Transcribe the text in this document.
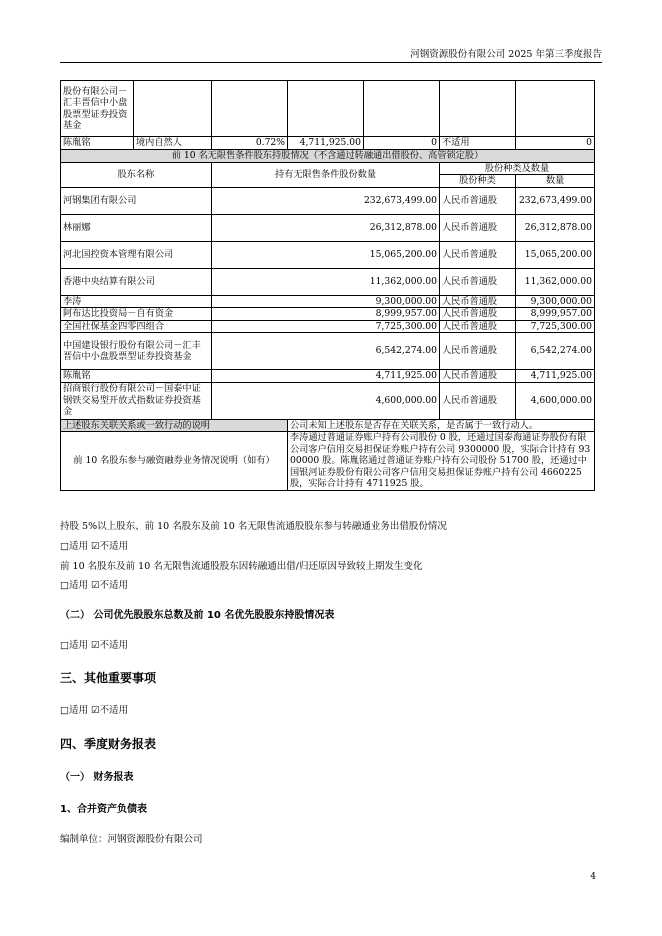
河钢资源股份有限公司 2025 年第三季度报告
股份有限公司－汇丰晋信中小盘股票型证券投资基金						
陈胤铭	境内自然人	0.72%	4,711,925.00	0	不适用	0
前 10 名无限售条件股东持股情况（不含通过转融通出借股份、高管锁定股）						
股东名称		持有无限售条件股份数量			股份种类及数量	
					股份种类	数量
河钢集团有限公司		232,673,499.00			人民币普通股	232,673,499.00
林丽娜		26,312,878.00			人民币普通股	26,312,878.00
河北国控资本管理有限公司		15,065,200.00			人民币普通股	15,065,200.00
香港中央结算有限公司		11,362,000.00			人民币普通股	11,362,000.00
李涛		9,300,000.00			人民币普通股	9,300,000.00
阿布达比投资局－自有资金		8,999,957.00			人民币普通股	8,999,957.00
全国社保基金四零四组合		7,725,300.00			人民币普通股	7,725,300.00
中国建设银行股份有限公司－汇丰晋信中小盘股票型证券投资基金		6,542,274.00			人民币普通股	6,542,274.00
陈胤铭		4,711,925.00			人民币普通股	4,711,925.00
招商银行股份有限公司－国泰中证钢铁交易型开放式指数证券投资基金		4,600,000.00			人民币普通股	4,600,000.00
上述股东关联关系或一致行动的说明			公司未知上述股东是否存在关联关系，是否属于一致行动人。			
前 10 名股东参与融资融券业务情况说明（如有）			李涛通过普通证券账户持有公司股份 0 股，还通过国泰海通证券股份有限公司客户信用交易担保证券账户持有公司 9300000 股，实际合计持有 9300000 股。陈胤铭通过普通证券账户持有公司股份 51700 股，还通过中国银河证券股份有限公司客户信用交易担保证券账户持有公司 4660225 股，实际合计持有 4711925 股。			
持股 5%以上股东、前 10 名股东及前 10 名无限售流通股股东参与转融通业务出借股份情况
□适用 ☑不适用
前 10 名股东及前 10 名无限售流通股股东因转融通出借/归还原因导致较上期发生变化
□适用 ☑不适用
（二） 公司优先股股东总数及前 10 名优先股股东持股情况表
□适用 ☑不适用
三、其他重要事项
□适用 ☑不适用
四、季度财务报表
（一） 财务报表
1、合并资产负债表
编制单位：河钢资源股份有限公司
4
